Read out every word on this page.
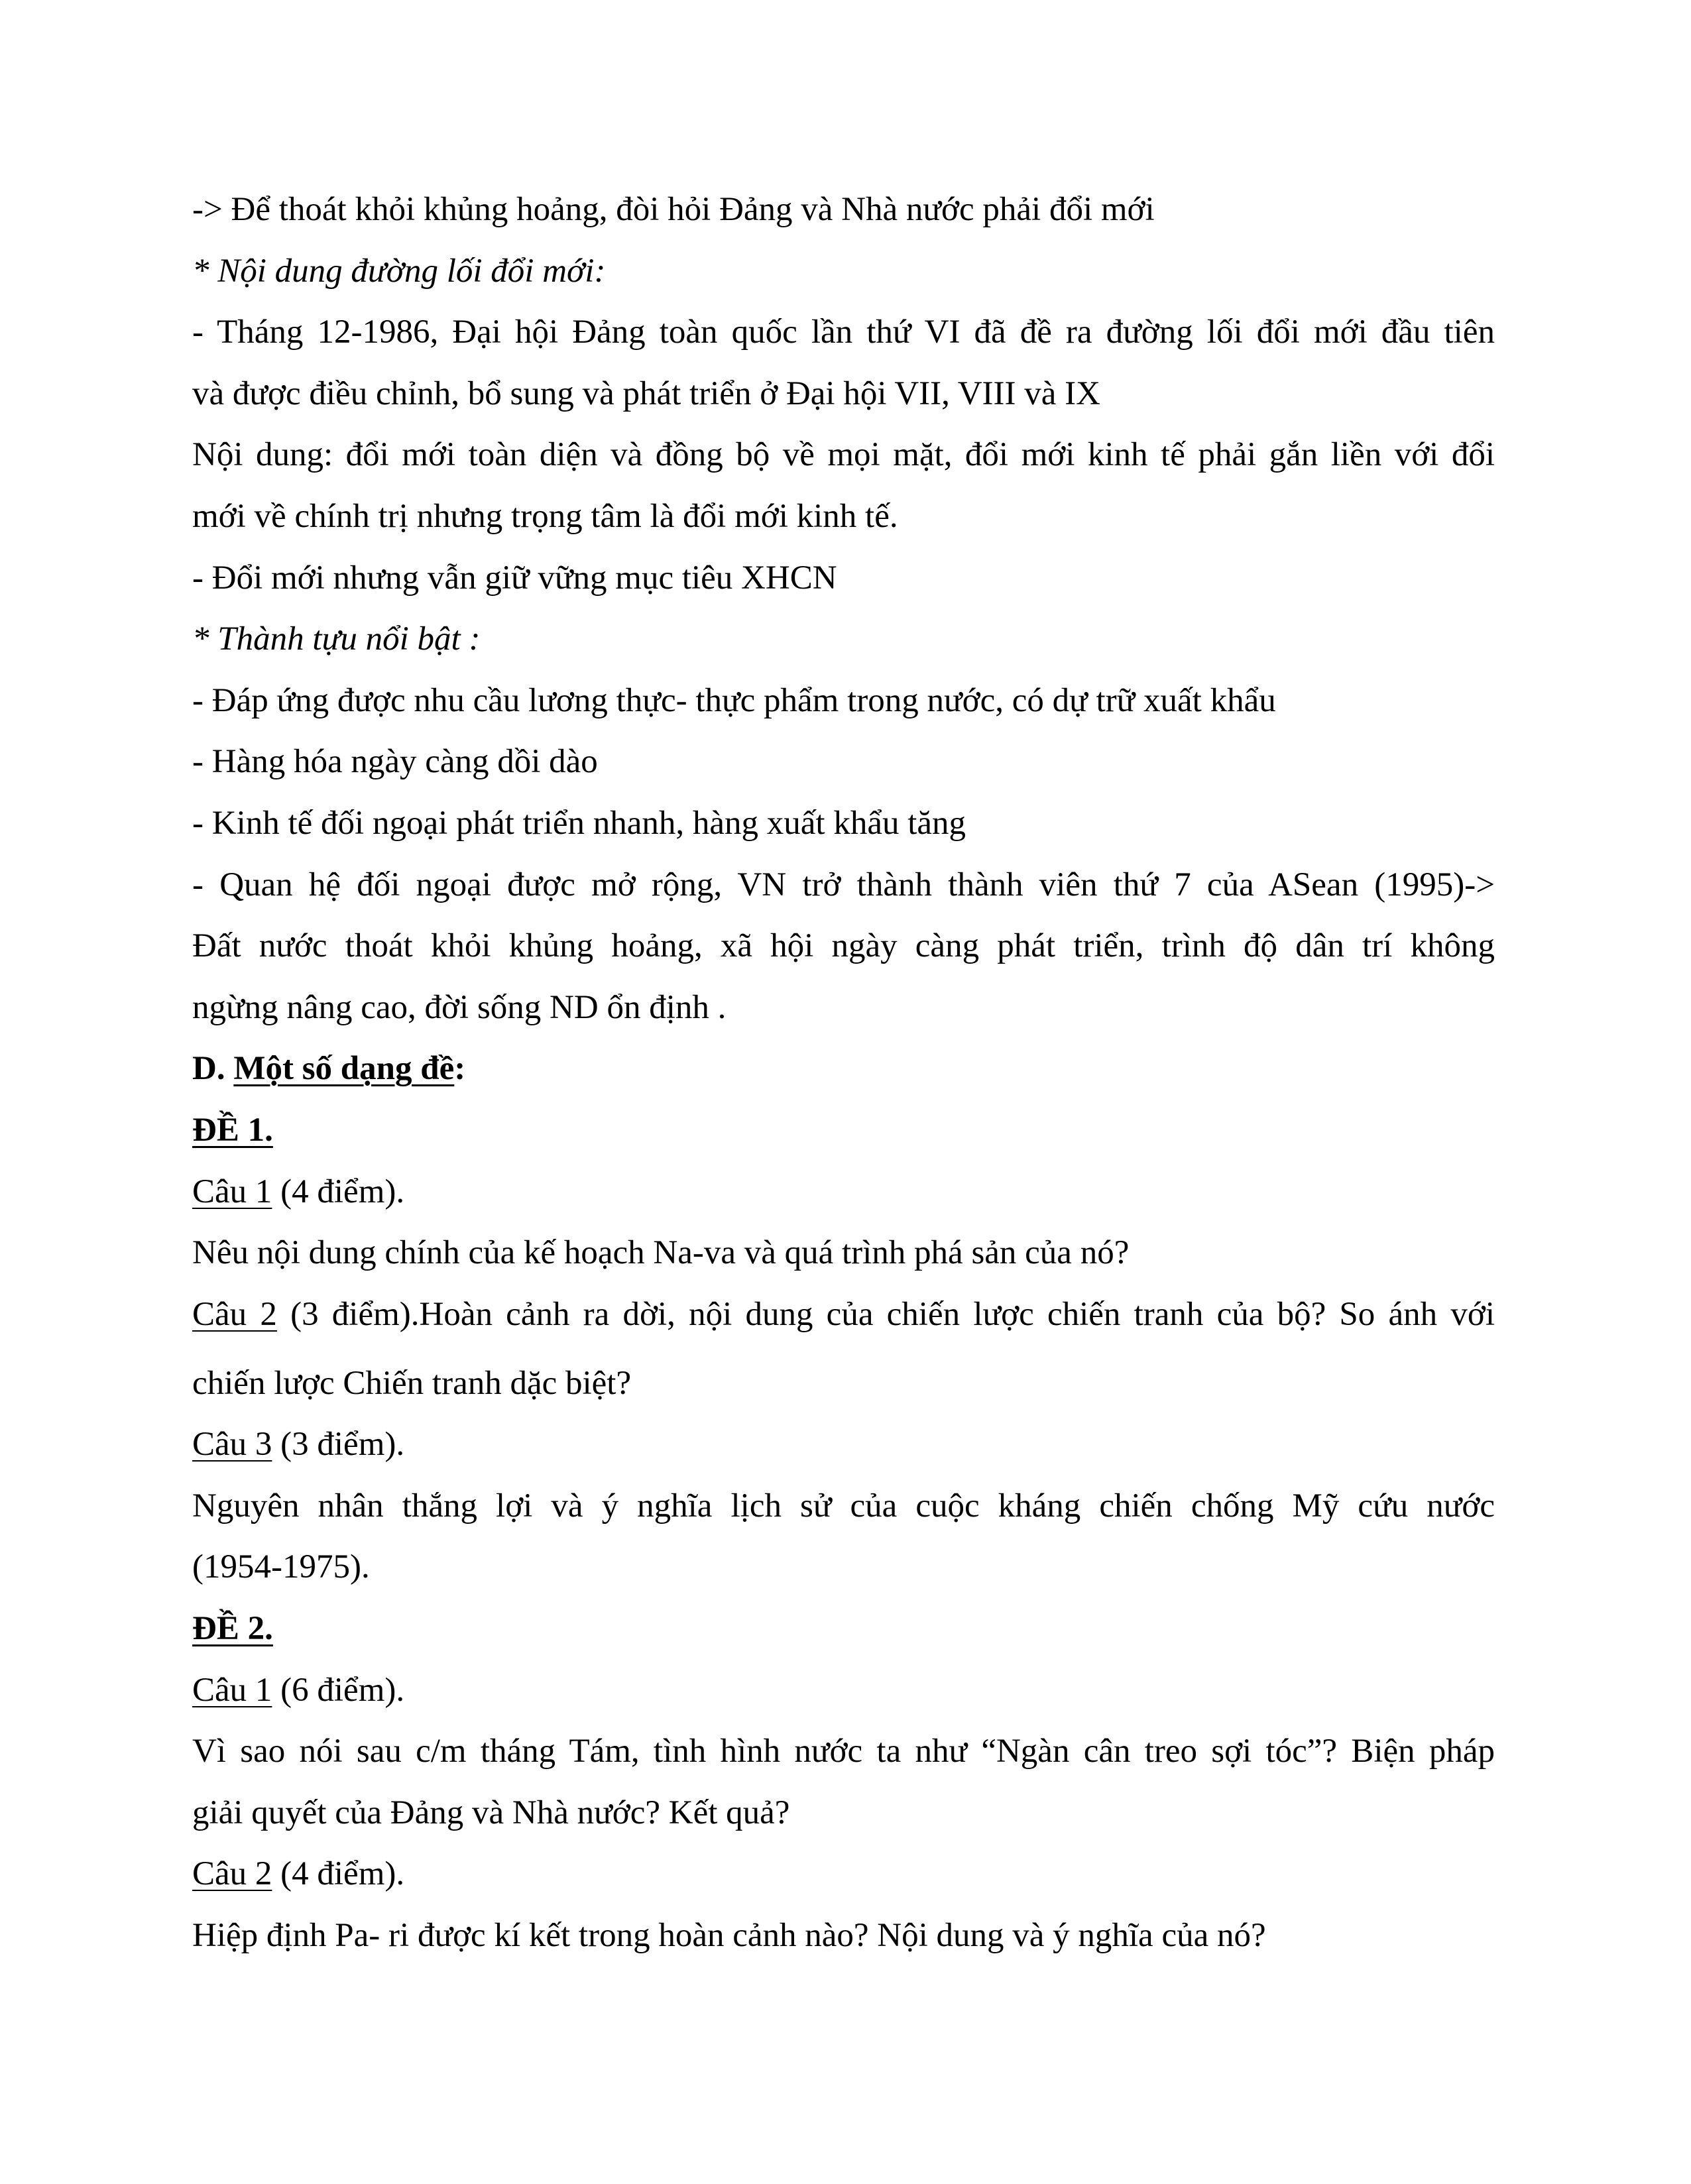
-> Để thoát khỏi khủng hoảng, đòi hỏi Đảng và Nhà nước phải đổi mới
* Nội dung đường lối đổi mới:
- Tháng 12-1986, Đại hội Đảng toàn quốc lần thứ VI đã đề ra đường lối đổi mới đầu tiên
và được điều chỉnh, bổ sung và phát triển ở Đại hội VII, VIII và IX
Nội dung: đổi mới toàn diện và đồng bộ về mọi mặt, đổi mới kinh tế phải gắn liền với đổi
mới về chính trị nhưng trọng tâm là đổi mới kinh tế.
- Đổi mới nhưng vẫn giữ vững mục tiêu XHCN
* Thành tựu nổi bật :
- Đáp ứng được nhu cầu lương thực- thực phẩm trong nước, có dự trữ xuất khẩu
- Hàng hóa ngày càng dồi dào
- Kinh tế đối ngoại phát triển nhanh, hàng xuất khẩu tăng
- Quan hệ đối ngoại được mở rộng, VN trở thành thành viên thứ 7 của ASean (1995)->
Đất nước thoát khỏi khủng hoảng, xã hội ngày càng phát triển, trình độ dân trí không
ngừng nâng cao, đời sống ND ổn định .
D. Một số dạng đề:
ĐỀ 1.
Câu 1 (4 điểm).
Nêu nội dung chính của kế hoạch Na-va và quá trình phá sản của nó?
Câu 2 (3 điểm).Hoàn cảnh ra dời, nội dung của chiến lược chiến tranh của bộ? So ánh với
chiến lược Chiến tranh dặc biệt?
Câu 3 (3 điểm).
Nguyên nhân thắng lợi và ý nghĩa lịch sử của cuộc kháng chiến chống Mỹ cứu nước
(1954-1975).
ĐỀ 2.
Câu 1 (6 điểm).
Vì sao nói sau c/m tháng Tám, tình hình nước ta như “Ngàn cân treo sợi tóc”? Biện pháp
giải quyết của Đảng và Nhà nước? Kết quả?
Câu 2 (4 điểm).
Hiệp định Pa- ri được kí kết trong hoàn cảnh nào? Nội dung và ý nghĩa của nó?
